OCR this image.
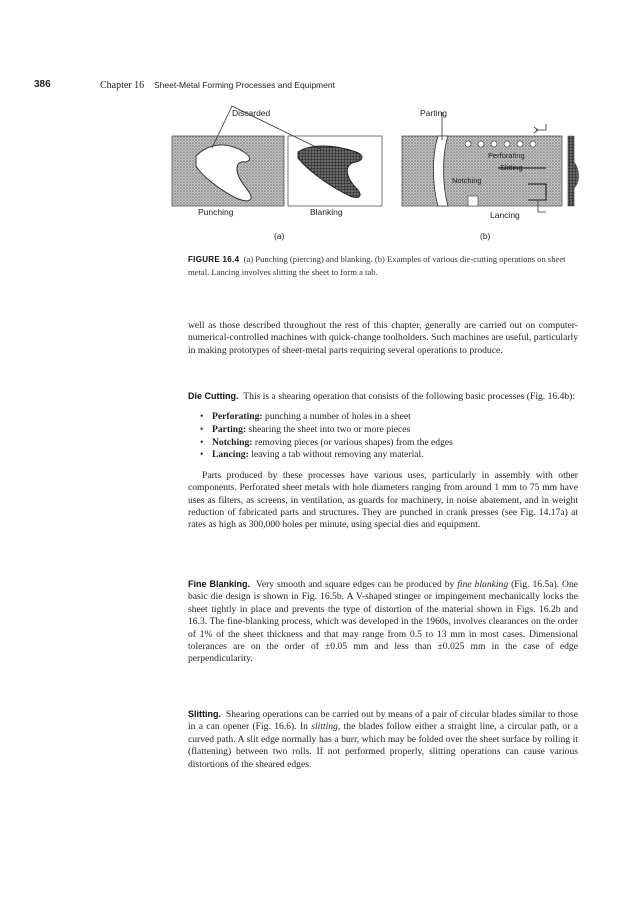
386	Chapter 16 Sheet-Metal Forming Processes and Equipment
Discarded	Parting
Perforating
Slitting
Notching
Punching	Blanking	Lancing
(a)	(b)
FIGURE 16.4 (a) Punching (piercing) and blanking. (b) Examples of various die-cutting operations on sheet metal. Lancing involves slitting the sheet to form a tab.

well as those described throughout the rest of this chapter, generally are carried out on computer-numerical-controlled machines with quick-change toolholders. Such machines are useful, particularly in making prototypes of sheet-metal parts requiring several operations to produce.

Die Cutting. This is a shearing operation that consists of the following basic processes (Fig. 16.4b):

• Perforating: punching a number of holes in a sheet
• Parting: shearing the sheet into two or more pieces
• Notching: removing pieces (or various shapes) from the edges
• Lancing: leaving a tab without removing any material.

Parts produced by these processes have various uses, particularly in assembly with other components. Perforated sheet metals with hole diameters ranging from around 1 mm to 75 mm have uses as filters, as screens, in ventilation, as guards for machinery, in noise abatement, and in weight reduction of fabricated parts and structures. They are punched in crank presses (see Fig. 14.17a) at rates as high as 300,000 holes per minute, using special dies and equipment.

Fine Blanking. Very smooth and square edges can be produced by fine blanking (Fig. 16.5a). One basic die design is shown in Fig. 16.5b. A V-shaped stinger or impingement mechanically locks the sheet tightly in place and prevents the type of distortion of the material shown in Figs. 16.2b and 16.3. The fine-blanking process, which was developed in the 1960s, involves clearances on the order of 1% of the sheet thickness and that may range from 0.5 to 13 mm in most cases. Dimensional tolerances are on the order of ±0.05 mm and less than ±0.025 mm in the case of edge perpendicularity.

Slitting. Shearing operations can be carried out by means of a pair of circular blades similar to those in a can opener (Fig. 16.6). In slitting, the blades follow either a straight line, a circular path, or a curved path. A slit edge normally has a burr, which may be folded over the sheet surface by rolling it (flattening) between two rolls. If not performed properly, slitting operations can cause various distortions of the sheared edges.
